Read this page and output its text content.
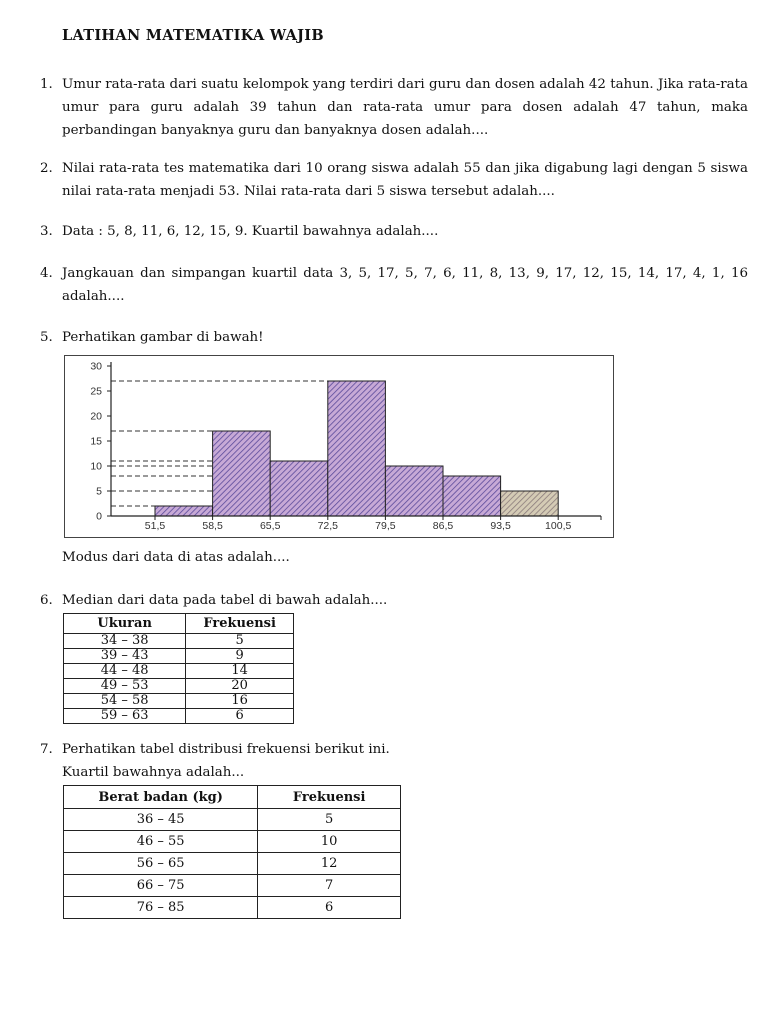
LATIHAN MATEMATIKA WAJIB
1. Umur rata-rata dari suatu kelompok yang terdiri dari guru dan dosen adalah 42 tahun. Jika rata-rata umur para guru adalah 39 tahun dan rata-rata umur para dosen adalah 47 tahun, maka perbandingan banyaknya guru dan banyaknya dosen adalah....
2. Nilai rata-rata tes matematika dari 10 orang siswa adalah 55 dan jika digabung lagi dengan 5 siswa nilai rata-rata menjadi 53. Nilai rata-rata dari 5 siswa tersebut adalah....
3. Data : 5, 8, 11, 6, 12, 15, 9. Kuartil bawahnya adalah....
4. Jangkauan dan simpangan kuartil data 3, 5, 17, 5, 7, 6, 11, 8, 13, 9, 17, 12, 15, 14, 17, 4, 1, 16 adalah....
5. Perhatikan gambar di bawah!
0
5
10
15
20
25
30
51,5	58,5	65,5	72,5	79,5	86,5	93,5	100,5
Modus dari data di atas adalah....
6. Median dari data pada tabel di bawah adalah....
Ukuran	Frekuensi
34 – 38	5
39 – 43	9
44 – 48	14
49 – 53	20
54 – 58	16
59 – 63	6
7. Perhatikan tabel distribusi frekuensi berikut ini.
Kuartil bawahnya adalah...
Berat badan (kg)	Frekuensi
36 – 45	5
46 – 55	10
56 – 65	12
66 – 75	7
76 – 85	6
